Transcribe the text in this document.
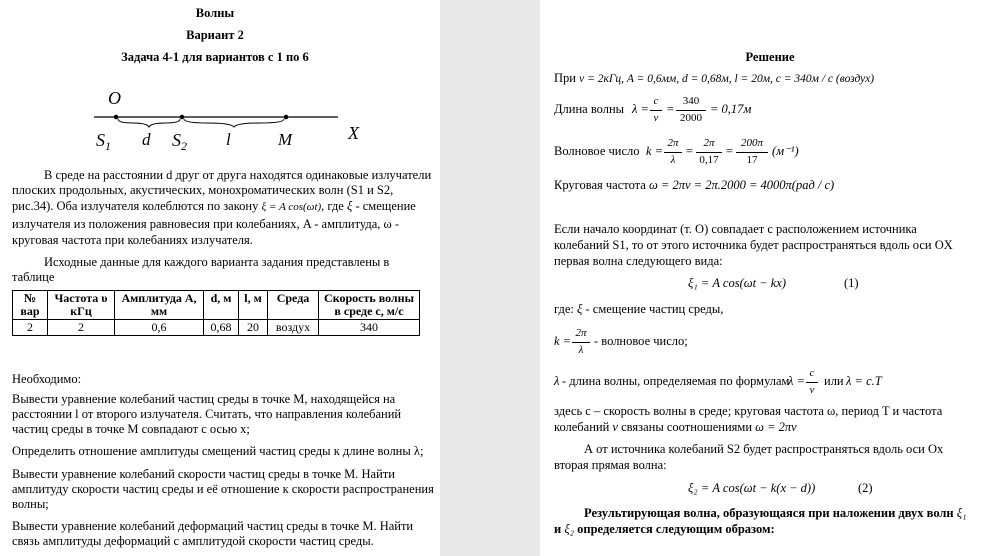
Волны
Вариант 2
Задача 4-1 для вариантов с 1 по 6
O
$S_1$ d $S_2$ l	M	X
В среде на расстоянии d друг от друга находятся одинаковые излучатели
плоских продольных, акустических, монохроматических волн (S1 и S2,
рис.34). Оба излучателя колеблются по закону ξ = A cos(ωt), где ξ - смещение
излучателя из положения равновесия при колебаниях, A - амплитуда, ω -
круговая частота при колебаниях излучателя.
Исходные данные для каждого варианта задания представлены в
таблице
№ вар	Частота υ кГц	Амплитуда A, мм	d, м	l, м	Среда	Скорость волны в среде с, м/с
2	2	0,6	0,68	20	воздух	340
Необходимо:
Вывести уравнение колебаний частиц среды в точке M, находящейся на
расстоянии l от второго излучателя. Считать, что направления колебаний
частиц среды в точке M совпадают с осью x;
Определить отношение амплитуды смещений частиц среды к длине волны λ;
Вывести уравнение колебаний скорости частиц среды в точке M. Найти
амплитуду скорости частиц среды и её отношение к скорости распространения
волны;
Вывести уравнение колебаний деформаций частиц среды в точке M. Найти
связь амплитуды деформаций с амплитудой скорости частиц среды.
Решение
При ν = 2кГц, A = 0,6мм, d = 0,68м, l = 20м, c = 340м / c (воздух)
Длина волны λ =
c
ν
=
340
2000
= 0,17м
Волновое число k =
2π
λ
=
2π
0,17
=
200π
17
(м⁻¹)
Круговая частота ω = 2πν = 2π.2000 = 4000π(рад / c)
Если начало координат (т. O) совпадает с расположением источника
колебаний S1, то от этого источника будет распространяться вдоль оси OX
первая волна следующего вида:
ξ₁ = A cos(ωt − kx)	(1)
где: ξ - смещение частиц среды,
k =
2π
λ
- волновое число;
λ - длина волны, определяемая по формулам
λ =
c
ν
или λ = c.T
здесь c – скорость волны в среде; круговая частота ω, период T и частота
колебаний ν связаны соотношениями ω = 2πν
А от источника колебаний S2 будет распространяться вдоль оси Ox
вторая прямая волна:
ξ₂ = A cos(ωt − k(x − d))	(2)
Результирующая волна, образующаяся при наложении двух волн ξ₁
и ξ₂ определяется следующим образом:
